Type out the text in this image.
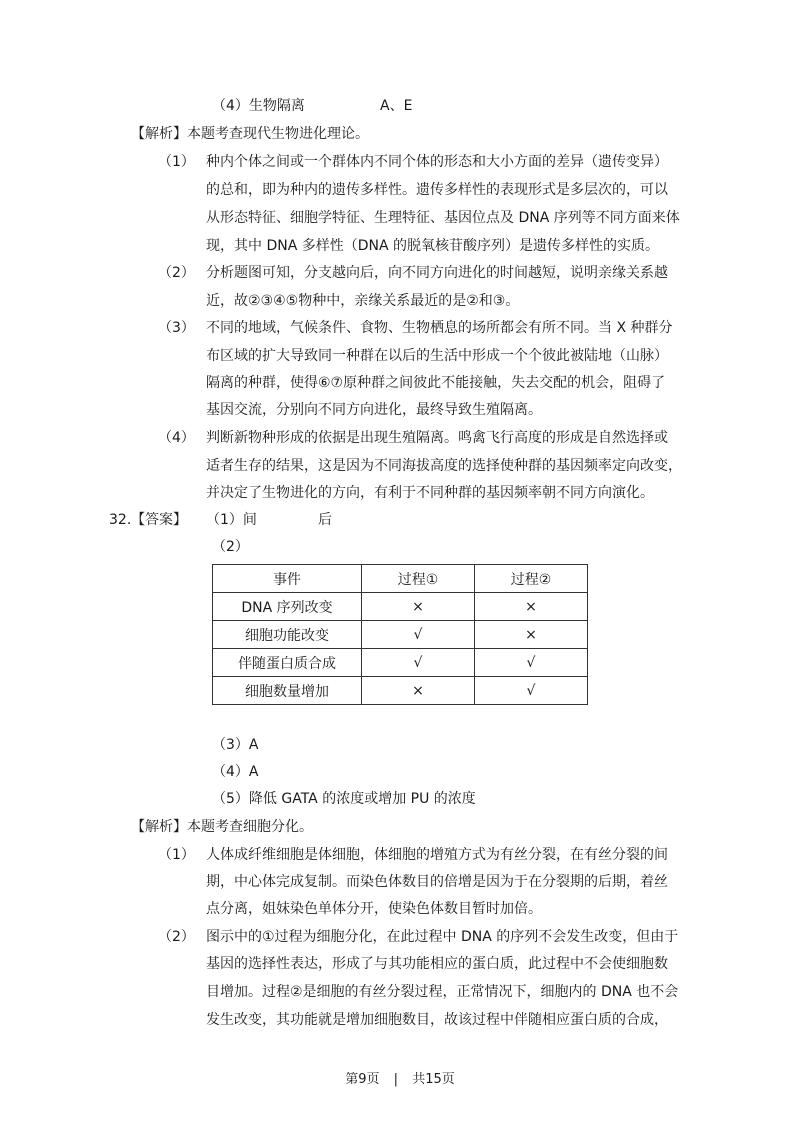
（4）生物隔离	A、E
【解析】本题考查现代生物进化理论。
（1） 种内个体之间或一个群体内不同个体的形态和大小方面的差异（遗传变异）
的总和，即为种内的遗传多样性。遗传多样性的表现形式是多层次的，可以
从形态特征、细胞学特征、生理特征、基因位点及 DNA 序列等不同方面来体
现，其中 DNA 多样性（DNA 的脱氧核苷酸序列）是遗传多样性的实质。
（2） 分析题图可知，分支越向后，向不同方向进化的时间越短，说明亲缘关系越
近，故②③④⑤物种中，亲缘关系最近的是②和③。
（3） 不同的地域，气候条件、食物、生物栖息的场所都会有所不同。当 X 种群分
布区域的扩大导致同一种群在以后的生活中形成一个个彼此被陆地（山脉）
隔离的种群，使得⑥⑦原种群之间彼此不能接触，失去交配的机会，阻碍了
基因交流，分别向不同方向进化，最终导致生殖隔离。
（4） 判断新物种形成的依据是出现生殖隔离。鸣禽飞行高度的形成是自然选择或
适者生存的结果，这是因为不同海拔高度的选择使种群的基因频率定向改变，
并决定了生物进化的方向，有利于不同种群的基因频率朝不同方向演化。
32. 【答案】 （1）间	后
（2）
事件	过程①	过程②
DNA 序列改变	×	×
细胞功能改变	√	×
伴随蛋白质合成	√	√
细胞数量增加	×	√
（3）A
（4）A
（5）降低 GATA 的浓度或增加 PU 的浓度
【解析】本题考查细胞分化。
（1） 人体成纤维细胞是体细胞，体细胞的增殖方式为有丝分裂，在有丝分裂的间
期，中心体完成复制。而染色体数目的倍增是因为于在分裂期的后期，着丝
点分离，姐妹染色单体分开，使染色体数目暂时加倍。
（2） 图示中的①过程为细胞分化，在此过程中 DNA 的序列不会发生改变，但由于
基因的选择性表达，形成了与其功能相应的蛋白质，此过程中不会使细胞数
目增加。过程②是细胞的有丝分裂过程，正常情况下，细胞内的 DNA 也不会
发生改变，其功能就是增加细胞数目，故该过程中伴随相应蛋白质的合成，
第9页 | 共15页
